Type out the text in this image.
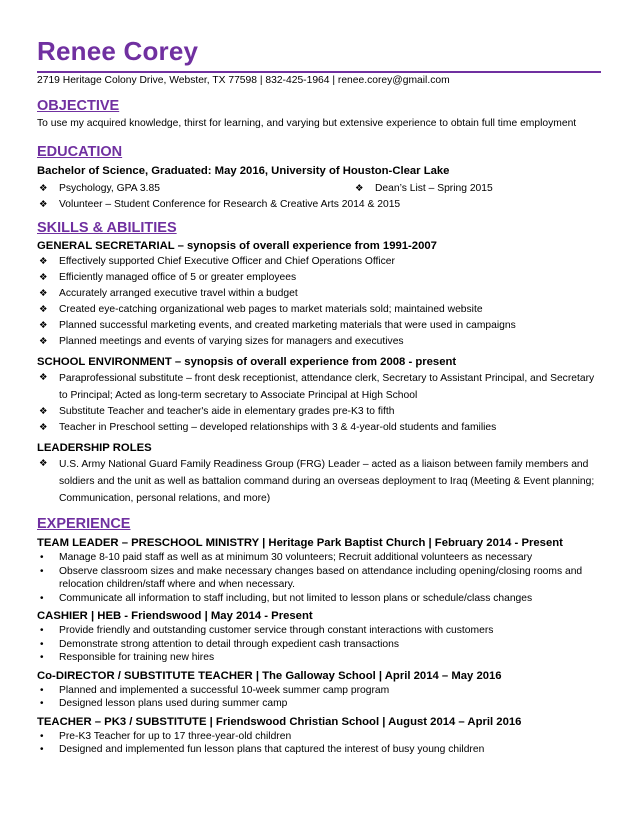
Renee Corey
2719 Heritage Colony Drive, Webster, TX 77598 | 832-425-1964 | renee.corey@gmail.com
OBJECTIVE
To use my acquired knowledge, thirst for learning, and varying but extensive experience to obtain full time employment
EDUCATION
Bachelor of Science, Graduated: May 2016, University of Houston-Clear Lake
❖ Psychology, GPA 3.85	❖ Dean’s List – Spring 2015
❖ Volunteer – Student Conference for Research & Creative Arts 2014 & 2015
SKILLS & ABILITIES
GENERAL SECRETARIAL – synopsis of overall experience from 1991-2007
❖ Effectively supported Chief Executive Officer and Chief Operations Officer
❖ Efficiently managed office of 5 or greater employees
❖ Accurately arranged executive travel within a budget
❖ Created eye-catching organizational web pages to market materials sold; maintained website
❖ Planned successful marketing events, and created marketing materials that were used in campaigns
❖ Planned meetings and events of varying sizes for managers and executives
SCHOOL ENVIRONMENT – synopsis of overall experience from 2008 - present
❖ Paraprofessional substitute – front desk receptionist, attendance clerk, Secretary to Assistant Principal, and Secretary
to Principal; Acted as long-term secretary to Associate Principal at High School
❖ Substitute Teacher and teacher's aide in elementary grades pre-K3 to fifth
❖ Teacher in Preschool setting – developed relationships with 3 & 4-year-old students and families
LEADERSHIP ROLES
❖ U.S. Army National Guard Family Readiness Group (FRG) Leader – acted as a liaison between family members and
soldiers and the unit as well as battalion command during an overseas deployment to Iraq (Meeting & Event planning;
Communication, personal relations, and more)
EXPERIENCE
TEAM LEADER – PRESCHOOL MINISTRY | Heritage Park Baptist Church | February 2014 - Present
• Manage 8-10 paid staff as well as at minimum 30 volunteers; Recruit additional volunteers as necessary
• Observe classroom sizes and make necessary changes based on attendance including opening/closing rooms and
relocation children/staff where and when necessary.
• Communicate all information to staff including, but not limited to lesson plans or schedule/class changes
CASHIER | HEB - Friendswood | May 2014 - Present
• Provide friendly and outstanding customer service through constant interactions with customers
• Demonstrate strong attention to detail through expedient cash transactions
• Responsible for training new hires
Co-DIRECTOR / SUBSTITUTE TEACHER | The Galloway School | April 2014 – May 2016
• Planned and implemented a successful 10-week summer camp program
• Designed lesson plans used during summer camp
TEACHER – PK3 / SUBSTITUTE | Friendswood Christian School | August 2014 – April 2016
• Pre-K3 Teacher for up to 17 three-year-old children
• Designed and implemented fun lesson plans that captured the interest of busy young children
